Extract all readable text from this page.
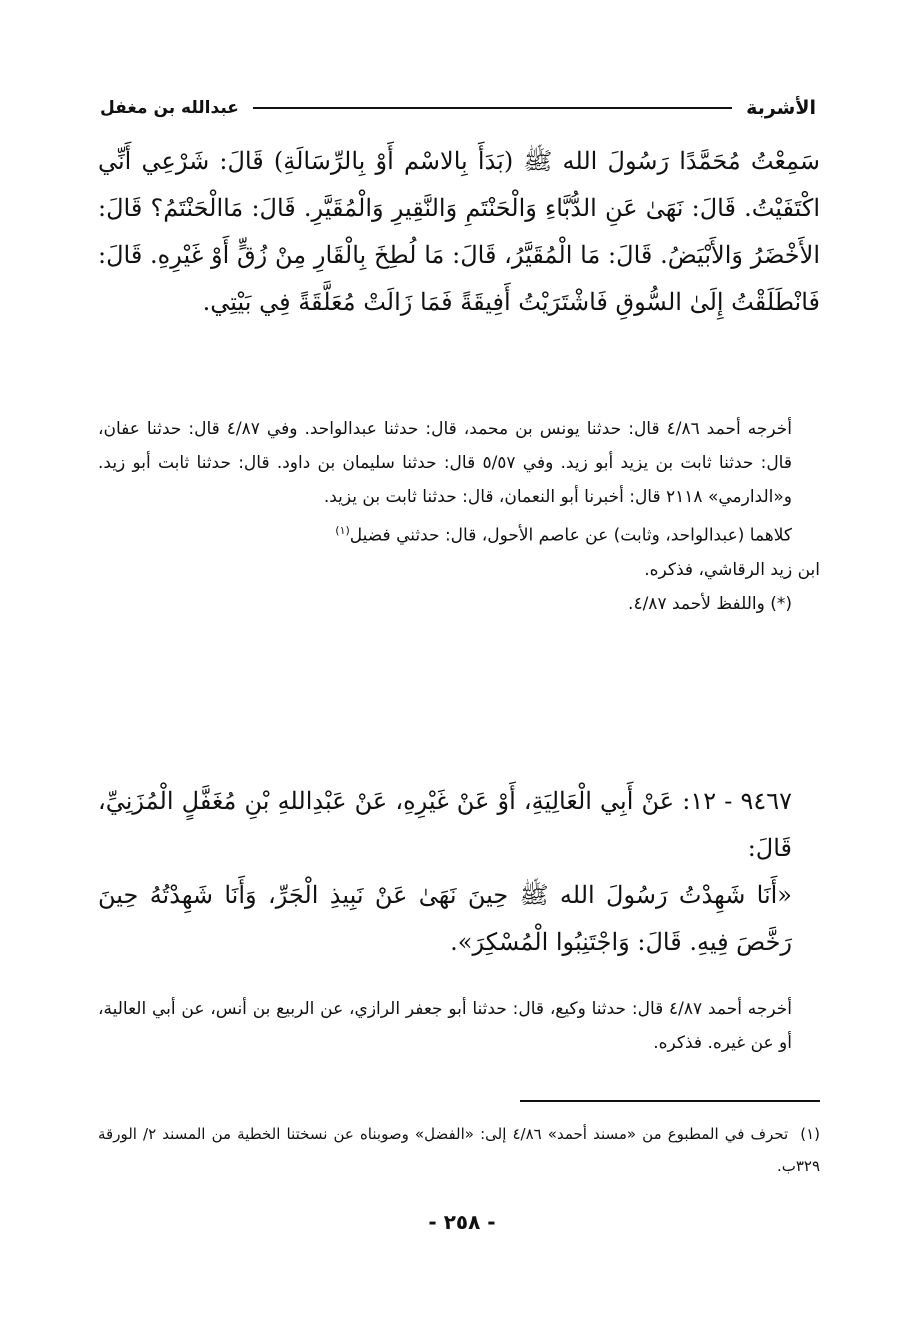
الأشربة
عبدالله بن مغفل

سَمِعْتُ مُحَمَّدًا رَسُولَ الله ﷺ (بَدَأَ بِالاسْم أَوْ بِالرِّسَالَةِ) قَالَ: شَرْعِي أَنِّي اكْتَفَيْتُ. قَالَ: نَهَىٰ عَنِ الدُّبَّاءِ وَالْحَنْتَمِ وَالنَّقِيرِ وَالْمُقَيَّرِ. قَالَ: مَاالْحَنْتَمُ؟ قَالَ: الأَخْضَرُ وَالأَبْيَضُ. قَالَ: مَا الْمُقَيَّرُ، قَالَ: مَا لُطِخَ بِالْقَارِ مِنْ زُقٍّ أَوْ غَيْرِهِ. قَالَ: فَانْطَلَقْتُ إِلَىٰ السُّوقِ فَاشْتَرَيْتُ أَفِيقَةً فَمَا زَالَتْ مُعَلَّقَةً فِي بَيْتِي.

أخرجه أحمد ٤/٨٦ قال: حدثنا يونس بن محمد، قال: حدثنا عبدالواحد. وفي ٤/٨٧ قال: حدثنا عفان، قال: حدثنا ثابت بن يزيد أبو زيد. وفي ٥/٥٧ قال: حدثنا سليمان بن داود. قال: حدثنا ثابت أبو زيد. و«الدارمي» ٢١١٨ قال: أخبرنا أبو النعمان، قال: حدثنا ثابت بن يزيد.

كلاهما (عبدالواحد، وثابت) عن عاصم الأحول، قال: حدثني فضيل$^{(١)}$

ابن زيد الرقاشي، فذكره.

(*) واللفظ لأحمد ٤/٨٧.

٩٤٦٧ - ١٢: عَنْ أَبِي الْعَالِيَةِ، أَوْ عَنْ غَيْرِهِ، عَنْ عَبْدِاللهِ بْنِ مُغَفَّلٍ الْمُزَنِيِّ، قَالَ:

«أَنَا شَهِدْتُ رَسُولَ الله ﷺ حِينَ نَهَىٰ عَنْ نَبِيذِ الْجَرِّ، وَأَنَا شَهِدْتُهُ حِينَ رَخَّصَ فِيهِ. قَالَ: وَاجْتَنِبُوا الْمُسْكِرَ».

أخرجه أحمد ٤/٨٧ قال: حدثنا وكيع، قال: حدثنا أبو جعفر الرازي، عن الربيع بن أنس، عن أبي العالية، أو عن غيره. فذكره.

(١)تحرف في المطبوع من «مسند أحمد» ٤/٨٦ إلى: «الفضل» وصوبناه عن نسختنا الخطية من المسند ٢/ الورقة ٣٢٩ب.
- ٢٥٨ -
